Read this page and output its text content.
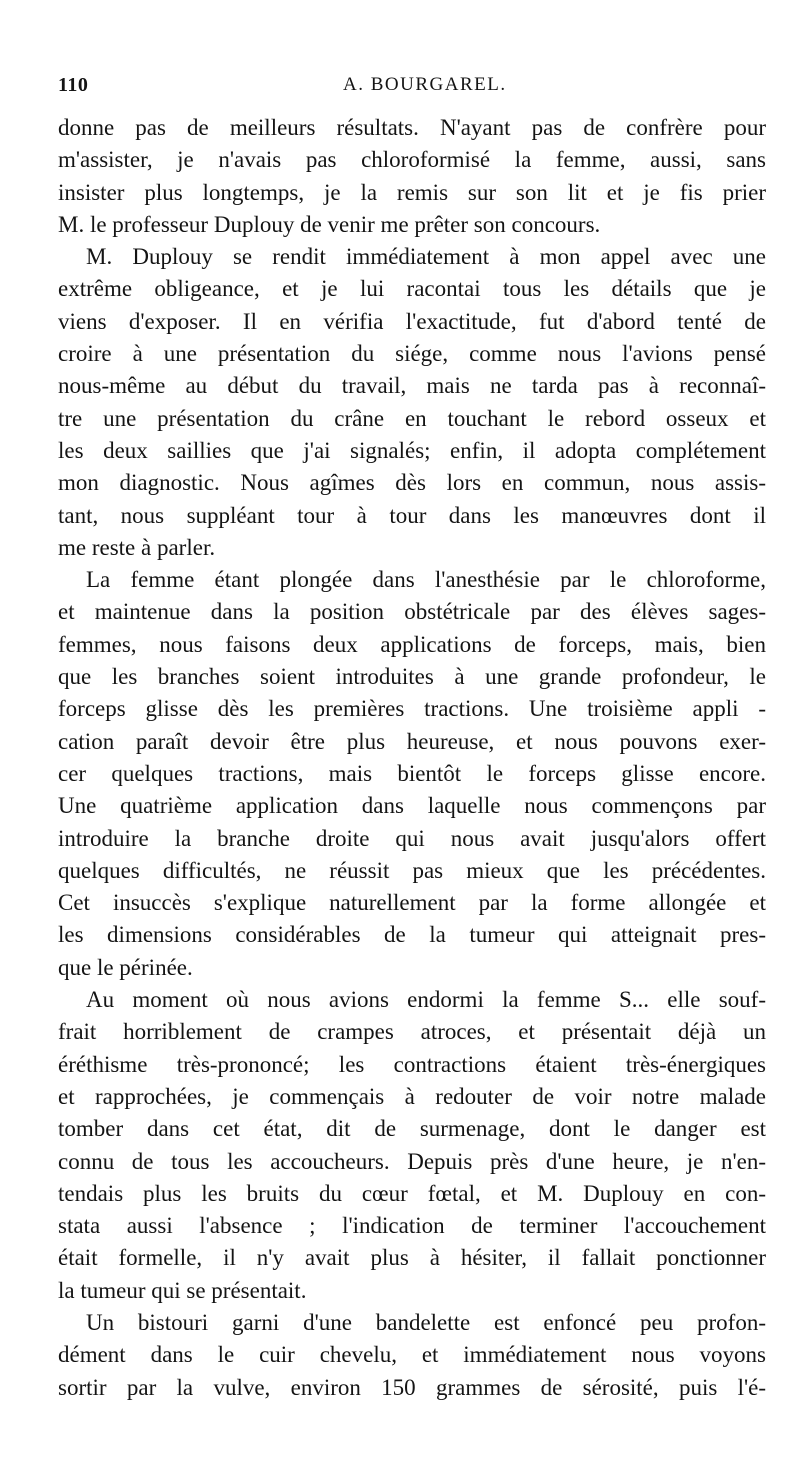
110	A. BOURGAREL.
donne pas de meilleurs résultats. N'ayant pas de confrère pour
m'assister, je n'avais pas chloroformisé la femme, aussi, sans
insister plus longtemps, je la remis sur son lit et je fis prier
M. le professeur Duplouy de venir me prêter son concours.
M. Duplouy se rendit immédiatement à mon appel avec une
extrême obligeance, et je lui racontai tous les détails que je
viens d'exposer. Il en vérifia l'exactitude, fut d'abord tenté de
croire à une présentation du siége, comme nous l'avions pensé
nous-même au début du travail, mais ne tarda pas à reconnaî-
tre une présentation du crâne en touchant le rebord osseux et
les deux saillies que j'ai signalés; enfin, il adopta complétement
mon diagnostic. Nous agîmes dès lors en commun, nous assis-
tant, nous suppléant tour à tour dans les manœuvres dont il
me reste à parler.
La femme étant plongée dans l'anesthésie par le chloroforme,
et maintenue dans la position obstétricale par des élèves sages-
femmes, nous faisons deux applications de forceps, mais, bien
que les branches soient introduites à une grande profondeur, le
forceps glisse dès les premières tractions. Une troisième appli -
cation paraît devoir être plus heureuse, et nous pouvons exer-
cer quelques tractions, mais bientôt le forceps glisse encore.
Une quatrième application dans laquelle nous commençons par
introduire la branche droite qui nous avait jusqu'alors offert
quelques difficultés, ne réussit pas mieux que les précédentes.
Cet insuccès s'explique naturellement par la forme allongée et
les dimensions considérables de la tumeur qui atteignait pres-
que le périnée.
Au moment où nous avions endormi la femme S... elle souf-
frait horriblement de crampes atroces, et présentait déjà un
éréthisme très-prononcé; les contractions étaient très-énergiques
et rapprochées, je commençais à redouter de voir notre malade
tomber dans cet état, dit de surmenage, dont le danger est
connu de tous les accoucheurs. Depuis près d'une heure, je n'en-
tendais plus les bruits du cœur fœtal, et M. Duplouy en con-
stata aussi l'absence ; l'indication de terminer l'accouchement
était formelle, il n'y avait plus à hésiter, il fallait ponctionner
la tumeur qui se présentait.
Un bistouri garni d'une bandelette est enfoncé peu profon-
dément dans le cuir chevelu, et immédiatement nous voyons
sortir par la vulve, environ 150 grammes de sérosité, puis l'é-
